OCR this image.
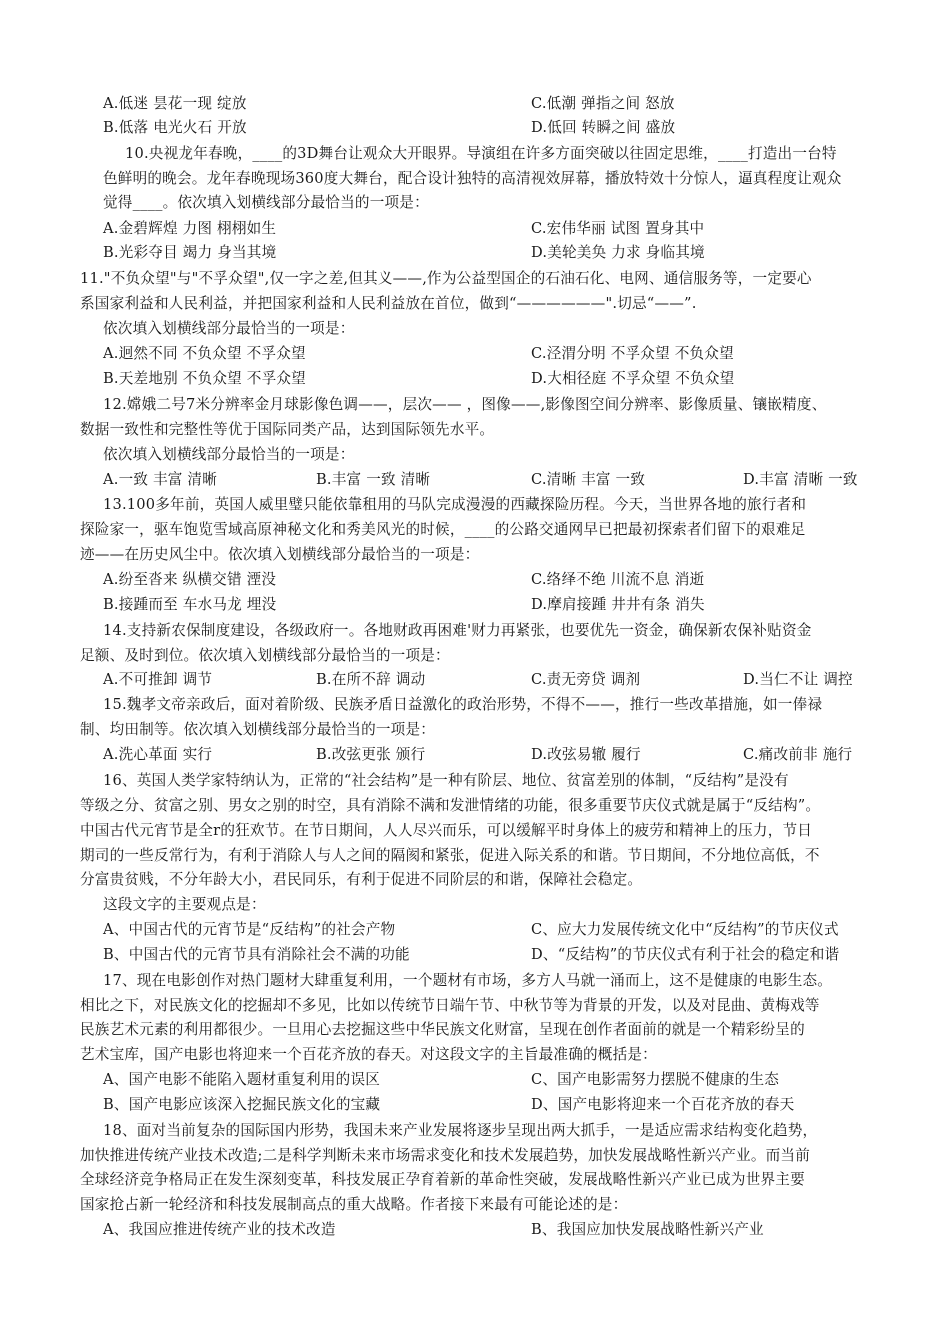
A.低迷 昙花一现 绽放	C.低潮 弹指之间 怒放
B.低落 电光火石 开放	D.低回 转瞬之间 盛放
10.央视龙年春晚，____的3D舞台让观众大开眼界。导演组在许多方面突破以往固定思维，____打造出一台特
色鲜明的晚会。龙年春晚现场360度大舞台，配合设计独特的高清视效屏幕，播放特效十分惊人，逼真程度让观众
觉得____。依次填入划横线部分最恰当的一项是：
A.金碧辉煌 力图 栩栩如生	C.宏伟华丽 试图 置身其中
B.光彩夺目 竭力 身当其境	D.美轮美奂 力求 身临其境
11."不负众望"与"不孚众望",仅一字之差,但其义——,作为公益型国企的石油石化、电网、通信服务等，一定要心
系国家利益和人民利益，并把国家利益和人民利益放在首位，做到“——————".切忌“——”.
依次填入划横线部分最恰当的一项是：
A.迥然不同 不负众望 不孚众望	C.泾渭分明 不孚众望 不负众望
B.天差地别 不负众望 不孚众望	D.大相径庭 不孚众望 不负众望
12.嫦娥二号7米分辨率金月球影像色调——，层次—— ，图像——,影像图空间分辨率、影像质量、镶嵌精度、
数据一致性和完整性等优于国际同类产品，达到国际领先水平。
依次填入划横线部分最恰当的一项是：
A.一致 丰富 清晰	B.丰富 一致 清晰	C.清晰 丰富 一致	D.丰富 清晰 一致
13.100多年前，英国人威里璧只能依靠租用的马队完成漫漫的西藏探险历程。今天，当世界各地的旅行者和
探险家一，驱车饱览雪域高原神秘文化和秀美风光的时候，____的公路交通网早已把最初探索者们留下的艰难足
迹——在历史风尘中。依次填入划横线部分最恰当的一项是：
A.纷至沓来 纵横交错 湮没	C.络绎不绝 川流不息 消逝
B.接踵而至 车水马龙 埋没	D.摩肩接踵 井井有条 消失
14.支持新农保制度建设，各级政府一。各地财政再困难'财力再紧张，也要优先一资金，确保新农保补贴资金
足额、及时到位。依次填入划横线部分最恰当的一项是：
A.不可推卸 调节	B.在所不辞 调动	C.责无旁贷 调剂	D.当仁不让 调控
15.魏孝文帝亲政后，面对着阶级、民族矛盾日益激化的政治形势，不得不——，推行一些改革措施，如一俸禄
制、均田制等。依次填入划横线部分最恰当的一项是：
A.洗心革面 实行	B.改弦更张 颁行	D.改弦易辙 履行	C.痛改前非 施行
16、英国人类学家特纳认为，正常的“社会结构”是一种有阶层、地位、贫富差别的体制，“反结构”是没有
等级之分、贫富之别、男女之别的时空，具有消除不满和发泄情绪的功能，很多重要节庆仪式就是属于“反结构”。
中国古代元宵节是全r的狂欢节。在节日期间，人人尽兴而乐，可以缓解平时身体上的疲劳和精神上的压力，节日
期司的一些反常行为，有利于消除人与人之间的隔阂和紧张，促进入际关系的和谐。节日期间，不分地位高低，不
分富贵贫贱，不分年龄大小，君民同乐，有利于促进不同阶层的和谐，保障社会稳定。
这段文字的主要观点是：
A、中国古代的元宵节是“反结构”的社会产物	C、应大力发展传统文化中“反结构”的节庆仪式
B、中国古代的元宵节具有消除社会不满的功能	D、“反结构”的节庆仪式有利于社会的稳定和谐
17、现在电影创作对热门题材大肆重复利用，一个题材有市场，多方人马就一涌而上，这不是健康的电影生态。
相比之下，对民族文化的挖掘却不多见，比如以传统节日端午节、中秋节等为背景的开发，以及对昆曲、黄梅戏等
民族艺术元素的利用都很少。一旦用心去挖掘这些中华民族文化财富，呈现在创作者面前的就是一个精彩纷呈的
艺术宝库，国产电影也将迎来一个百花齐放的春天。对这段文字的主旨最准确的概括是：
A、国产电影不能陷入题材重复利用的误区	C、国产电影需努力摆脱不健康的生态
B、国产电影应该深入挖掘民族文化的宝藏	D、国产电影将迎来一个百花齐放的春天
18、面对当前复杂的国际国内形势，我国未来产业发展将逐步呈现出两大抓手，一是适应需求结构变化趋势，
加快推进传统产业技术改造;二是科学判断未来市场需求变化和技术发展趋势，加快发展战略性新兴产业。而当前
全球经济竞争格局正在发生深刻变革，科技发展正孕育着新的革命性突破，发展战略性新兴产业已成为世界主要
国家抢占新一轮经济和科技发展制高点的重大战略。作者接下来最有可能论述的是：
A、我国应推进传统产业的技术改造	B、我国应加快发展战略性新兴产业
